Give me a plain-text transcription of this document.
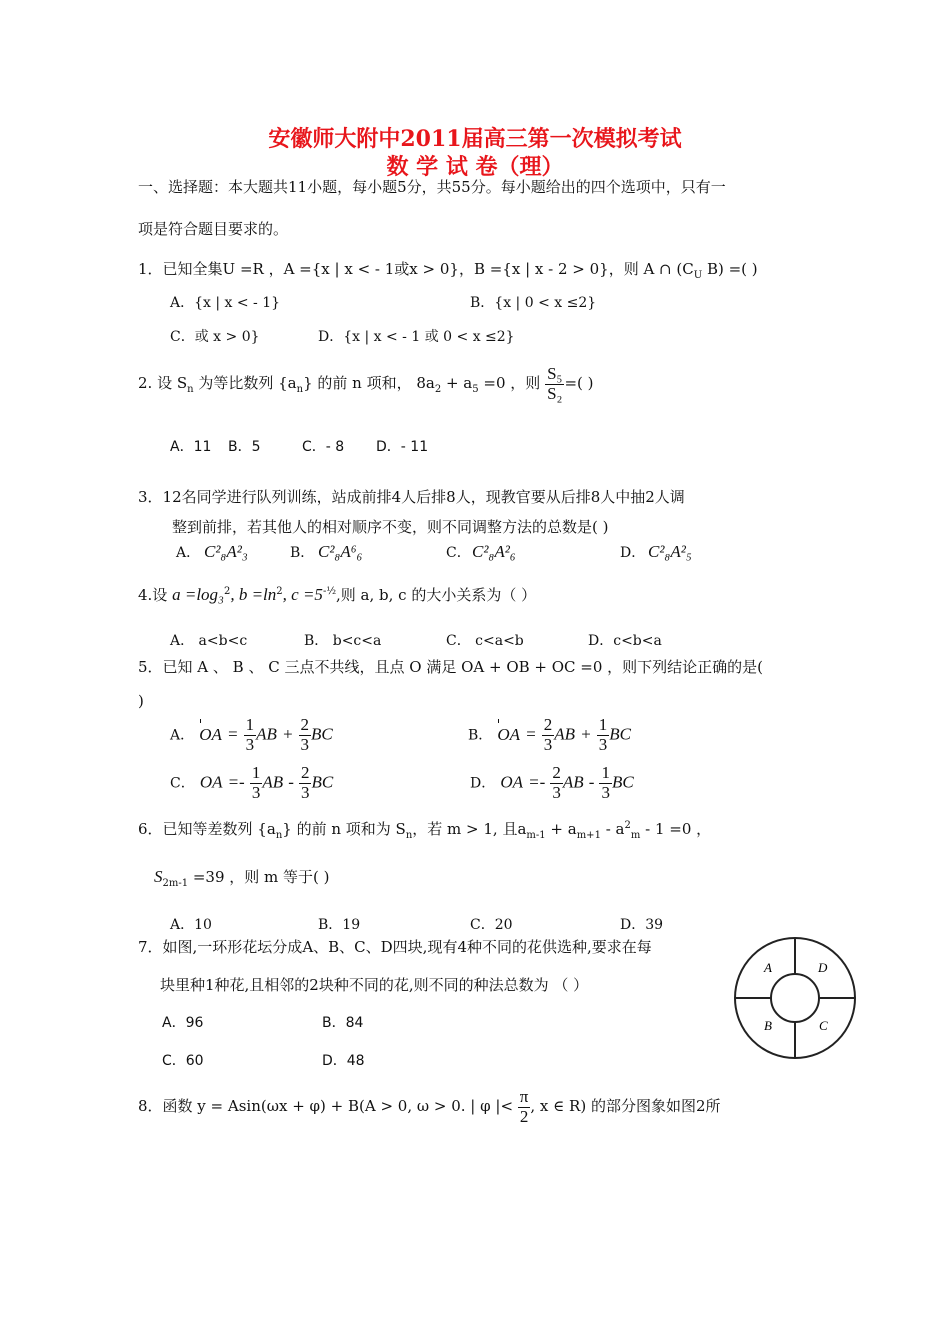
安徽师大附中2011届高三第一次模拟考试
数 学 试 卷（理）
一、选择题：本大题共11小题，每小题5分，共55分。每小题给出的四个选项中，只有一
项是符合题目要求的。
1．已知全集U =R ，A ={x | x < - 1或x > 0}，B ={x | x - 2 > 0}，则 A ∩ ($C_U$ B) =( )
A．{x | x < - 1}	B．{x | 0 < x ≤2}
C．或 x > 0}	D．{x | x < - 1 或 0 < x ≤2}
2. 设 $S_n$ 为等比数列 $\{a_n\}$ 的前 n 项和， $8a_2 + a_5 =0$ ，则 $\frac{\text{S₅}}{\text{S₂}}$ =( )
A．11 B．5	C．- 8 D．- 11
3．12名同学进行队列训练，站成前排4人后排8人，现教官要从后排8人中抽2人调
整到前排，若其他人的相对顺序不变，则不同调整方法的总数是( )
A． C²₈A²₃	B． C²₈A⁶₆	C． C²₈A²₆	D． C²₈A²₅
4.设 a =log₃$^2$, $b =\ln^2$, $c =5^{-\frac{1}{2}}$,则 a, b, c 的大小关系为（ ）
A． a<b<c	B． b<c<a	C． c<a<b	D．c<b<a
5．已知 A 、 B 、 C 三点不共线，且点 O 满足 OA + OB + OC =0 ，则下列结论正确的是(
)
A． OA = $\frac{1}{3}$ AB + $\frac{2}{3}$ BC	B． OA = $\frac{2}{3}$ AB + $\frac{1}{3}$ BC
C． OA =- $\frac{1}{3}$ AB - $\frac{2}{3}$ BC	D． OA =- $\frac{2}{3}$ AB - $\frac{1}{3}$ BC
6．已知等差数列 $\{a_n\}$ 的前 n 项和为 $S_n$，若 m > 1, 且$a_{m-1} + a_{m+1} - a^2_m - 1 =0$ ，
$S_{2m-1} =39$ ，则 m 等于( )
A．10	B．19	C．20	D．39
7．如图,一环形花坛分成A、B、C、D四块,现有4种不同的花供选种,要求在每
块里种1种花,且相邻的2块种不同的花,则不同的种法总数为 （ ）
A．96	B．84
C．60	D．48
A	D
B	C
8．函数 y = Asin(ωx + φ) + B(A > 0, ω > 0. | φ |< $\frac{\pi}{2}$ , x ∈ R) 的部分图象如图2所
